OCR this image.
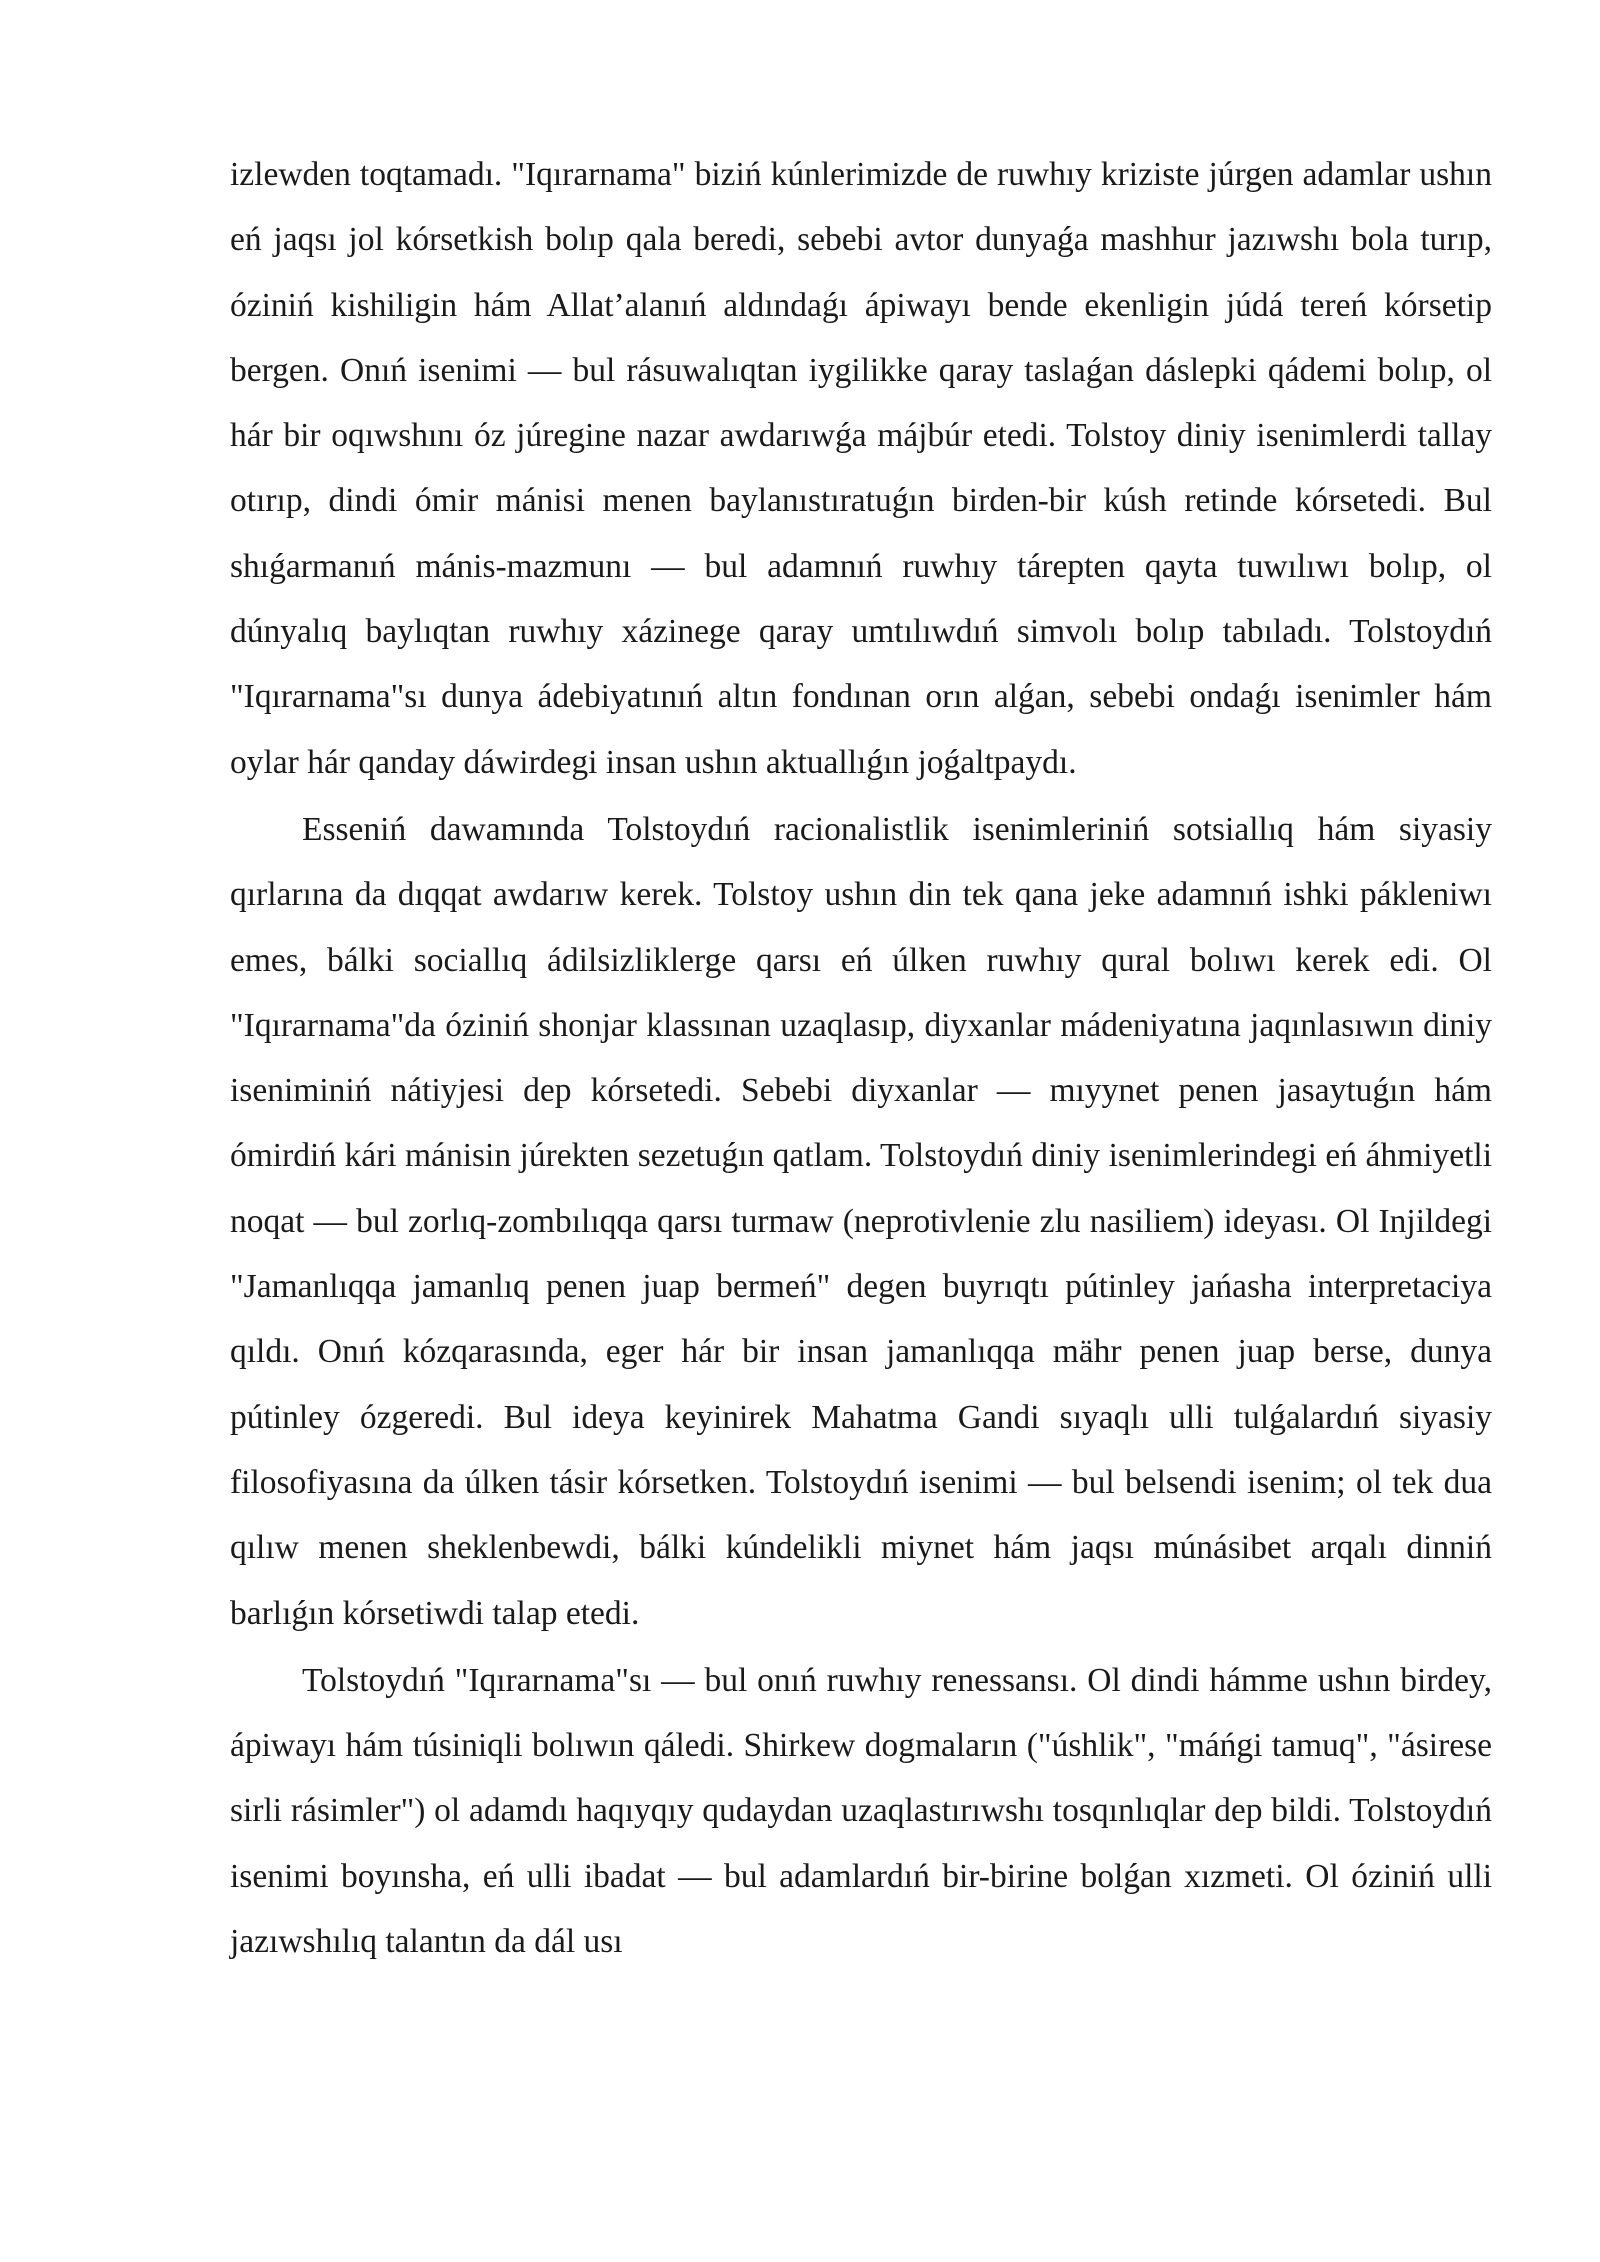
izlewden toqtamadı. "Iqırarnama" biziń kúnlerimizde de ruwhıy kriziste júrgen adamlar ushın eń jaqsı jol kórsetkish bolıp qala beredi, sebebi avtor dunyaǵa mashhur jazıwshı bola turıp, óziniń kishiligin hám Allat’alanıń aldındaǵı ápiwayı bende ekenligin júdá tereń kórsetip bergen. Onıń isenimi — bul rásuwalıqtan iygilikke qaray taslaǵan dáslepki qádemi bolıp, ol hár bir oqıwshını óz júregine nazar awdarıwǵa májbúr etedi. Tolstoy diniy isenimlerdi tallay otırıp, dindi ómir mánisi menen baylanıstıratuǵın birden-bir kúsh retinde kórsetedi. Bul shıǵarmanıń mánis-mazmunı — bul adamnıń ruwhıy tárepten qayta tuwılıwı bolıp, ol dúnyalıq baylıqtan ruwhıy xázinege qaray umtılıwdıń simvolı bolıp tabıladı. Tolstoydıń "Iqırarnama"sı dunya ádebiyatınıń altın fondınan orın alǵan, sebebi ondaǵı isenimler hám oylar hár qanday dáwirdegi insan ushın aktuallıǵın joǵaltpaydı.

Esseniń dawamında Tolstoydıń racionalistlik isenimleriniń sotsiallıq hám siyasiy qırlarına da dıqqat awdarıw kerek. Tolstoy ushın din tek qana jeke adamnıń ishki pákleniwı emes, bálki sociallıq ádilsizliklerge qarsı eń úlken ruwhıy qural bolıwı kerek edi. Ol "Iqırarnama"da óziniń shonjar klassınan uzaqlasıp, diyxanlar mádeniyatına jaqınlasıwın diniy iseniminiń nátiyjesi dep kórsetedi. Sebebi diyxanlar — mıyynet penen jasaytuǵın hám ómirdiń kári mánisin júrekten sezetuǵın qatlam. Tolstoydıń diniy isenimlerindegi eń áhmiyetli noqat — bul zorlıq-zombılıqqa qarsı turmaw (neprotivlenie zlu nasiliem) ideyası. Ol Injildegi "Jamanlıqqa jamanlıq penen juap bermeń" degen buyrıqtı pútinley jańasha interpretaciya qıldı. Onıń kózqarasında, eger hár bir insan jamanlıqqa mähr penen juap berse, dunya pútinley ózgeredi. Bul ideya keyinirek Mahatma Gandi sıyaqlı ulli tulǵalardıń siyasiy filosofiyasına da úlken tásir kórsetken. Tolstoydıń isenimi — bul belsendi isenim; ol tek dua qılıw menen sheklenbewdi, bálki kúndelikli miynet hám jaqsı múnásibet arqalı dinniń barlıǵın kórsetiwdi talap etedi.

Tolstoydıń "Iqırarnama"sı — bul onıń ruwhıy renessansı. Ol dindi hámme ushın birdey, ápiwayı hám túsiniqli bolıwın qáledi. Shirkew dogmaların ("úshlik", "máńgi tamuq", "ásirese sirli rásimler") ol adamdı haqıyqıy qudaydan uzaqlastırıwshı tosqınlıqlar dep bildi. Tolstoydıń isenimi boyınsha, eń ulli ibadat — bul adamlardıń bir-birine bolǵan xızmeti. Ol óziniń ulli jazıwshılıq talantın da dál usı
